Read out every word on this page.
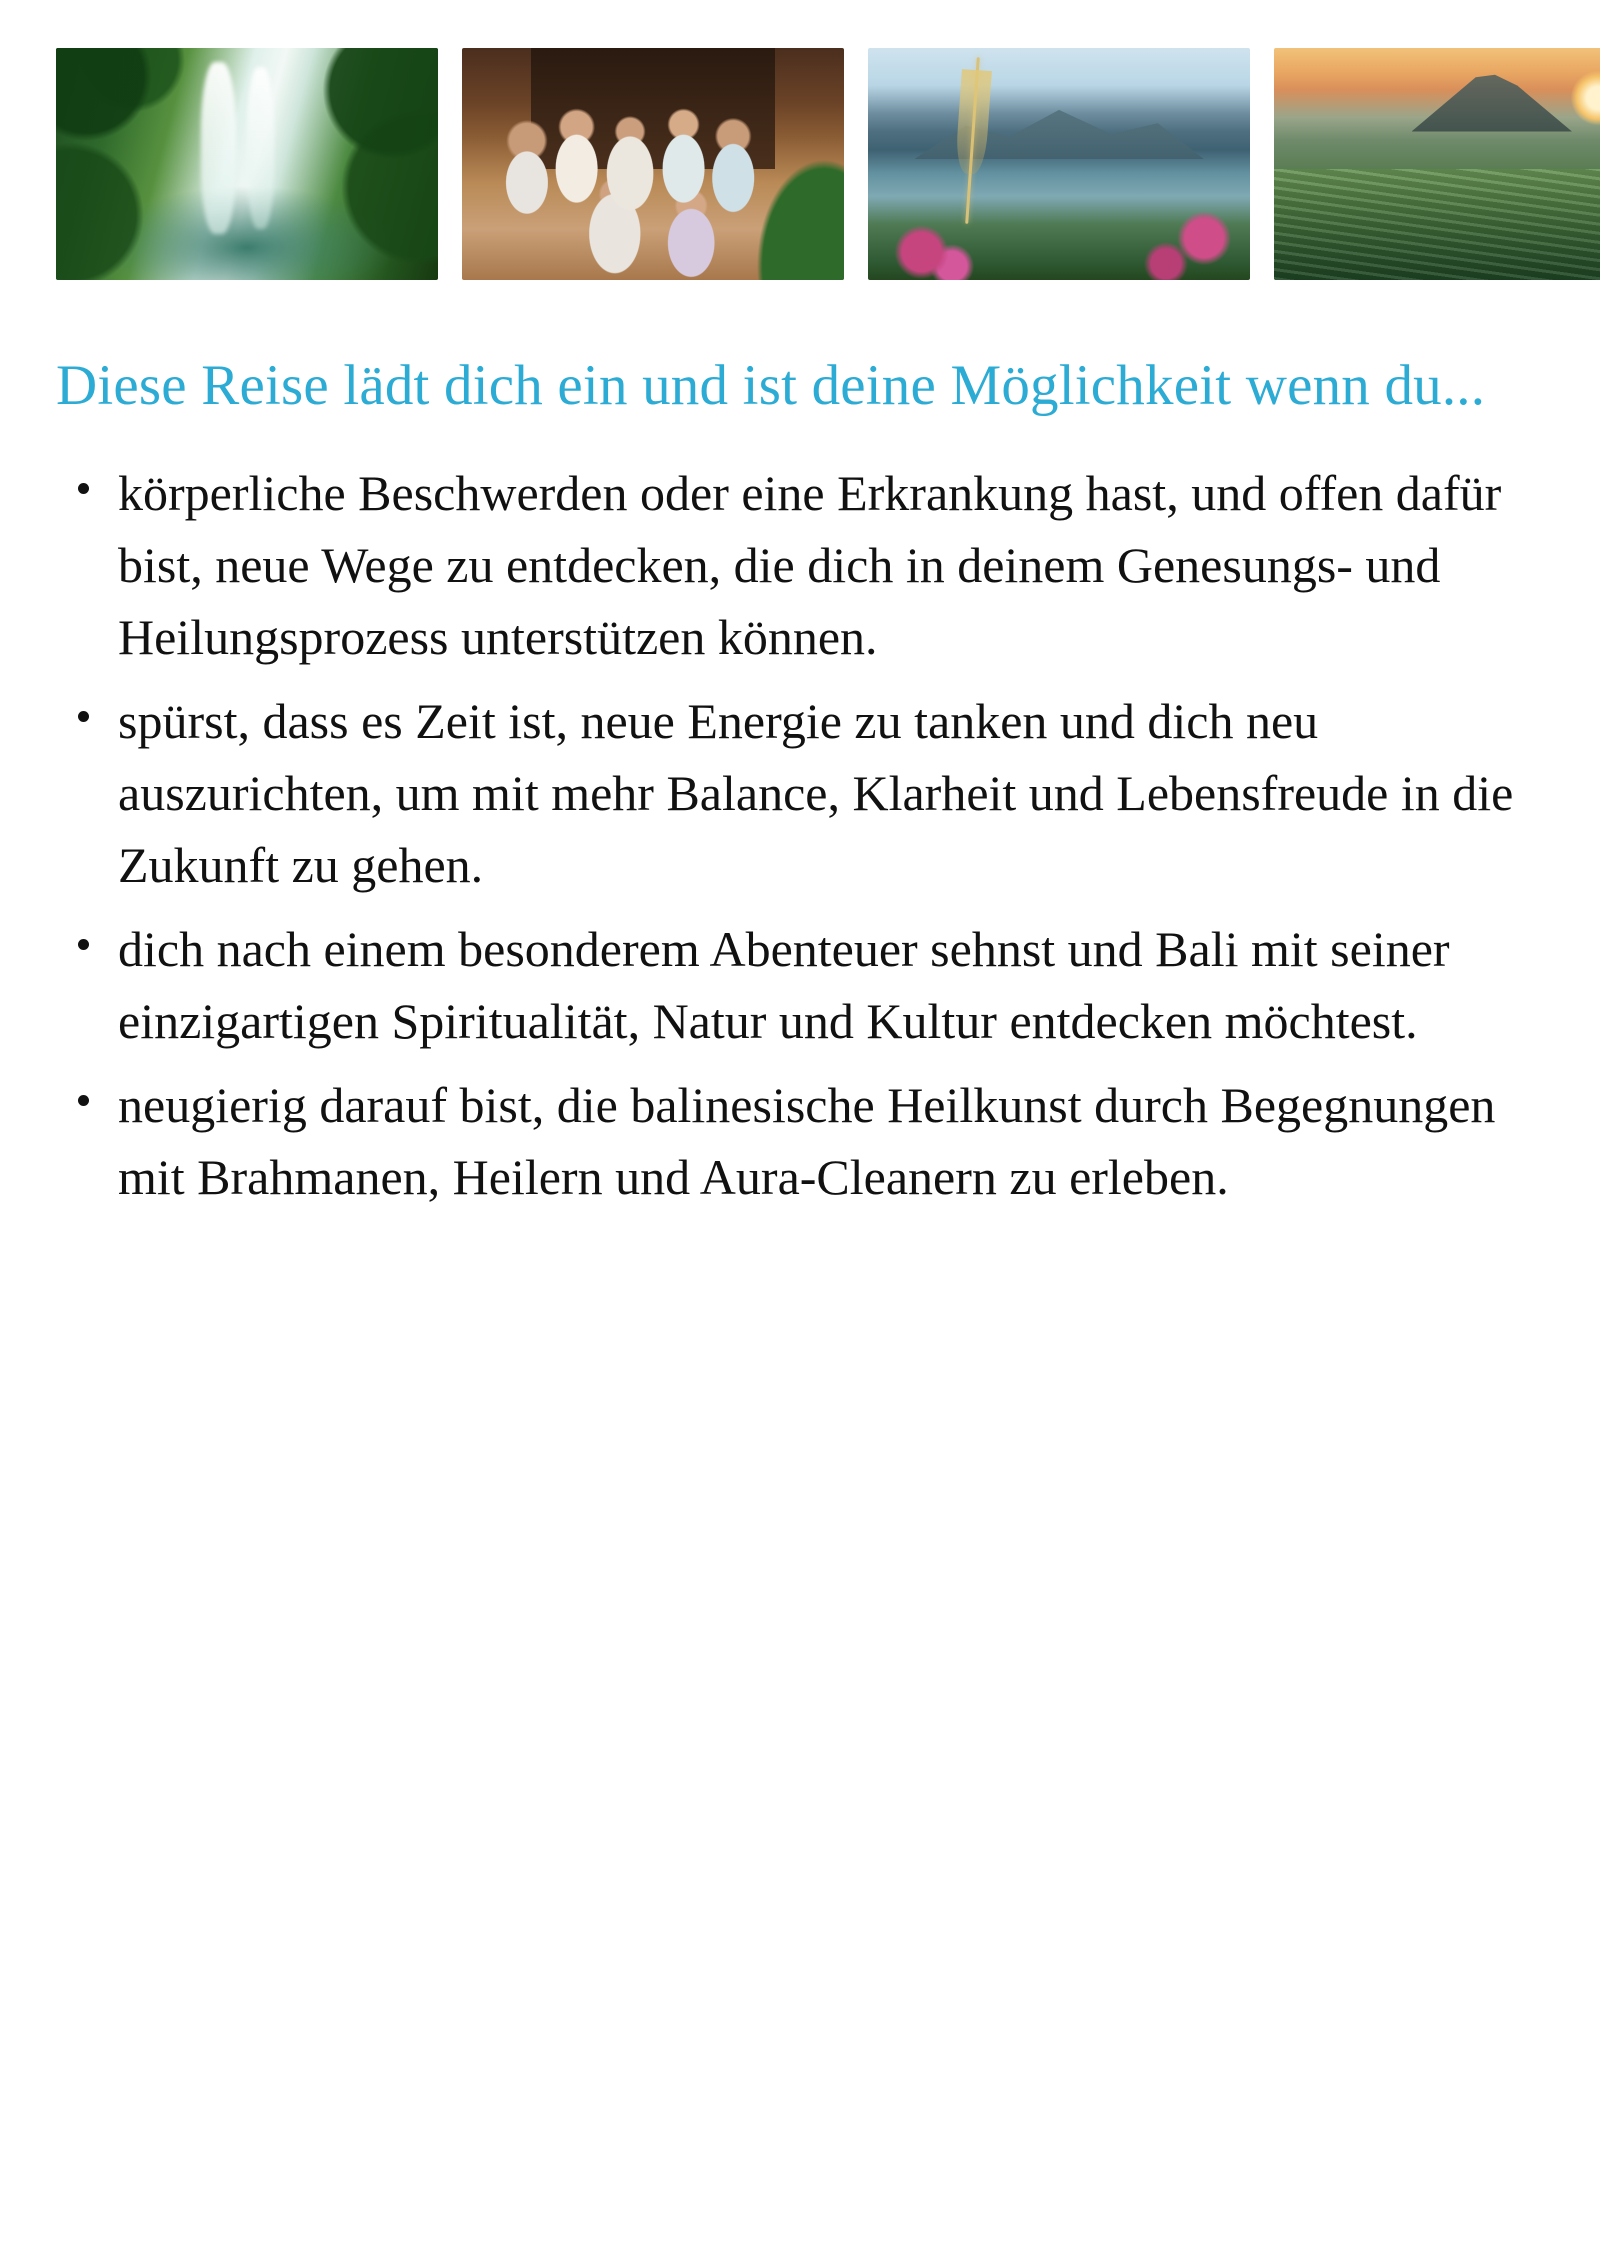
Diese Reise lädt dich ein und ist deine Möglichkeit wenn du...
körperliche Beschwerden oder eine Erkrankung hast, und offen dafür bist, neue Wege zu entdecken, die dich in deinem Genesungs- und Heilungsprozess unterstützen können.
spürst, dass es Zeit ist, neue Energie zu tanken und dich neu auszurichten, um mit mehr Balance, Klarheit und Lebensfreude in die Zukunft zu gehen.
dich nach einem besonderem Abenteuer sehnst und Bali mit seiner einzigartigen Spiritualität, Natur und Kultur entdecken möchtest.
neugierig darauf bist, die balinesische Heilkunst durch Begegnungen mit Brahmanen, Heilern und Aura-Cleanern zu erleben.
